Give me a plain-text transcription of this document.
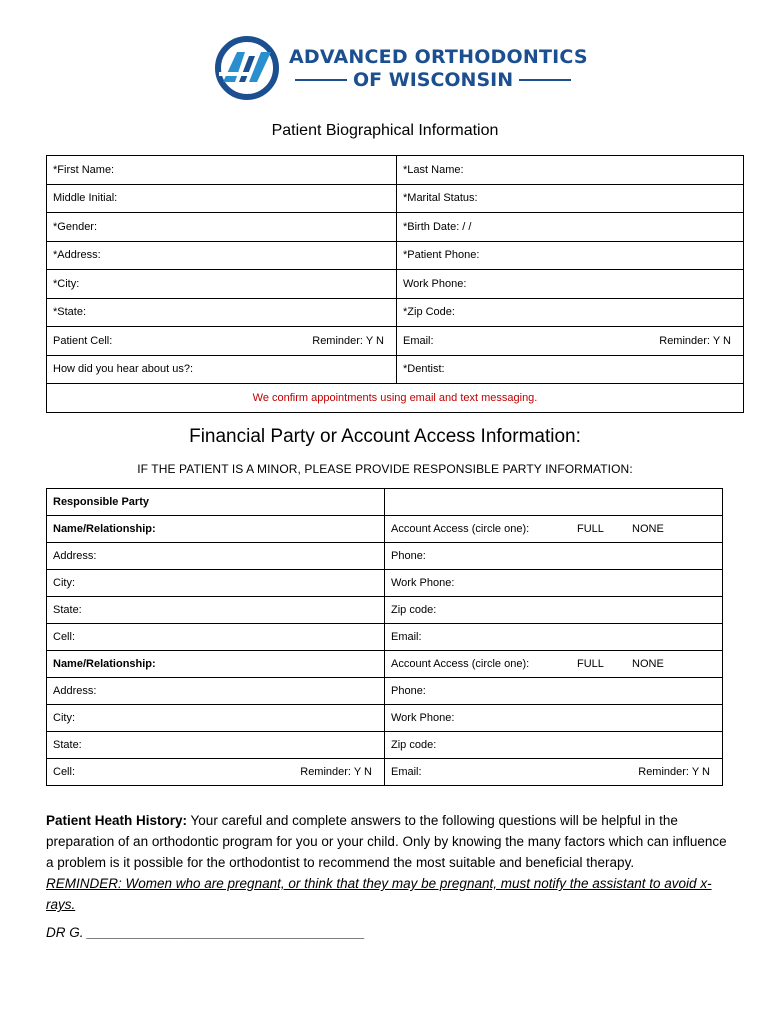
ADVANCED ORTHODONTICS
OF WISCONSIN
Patient Biographical Information
*First Name:	*Last Name:
Middle Initial:	*Marital Status:
*Gender:	*Birth Date: / /
*Address:	*Patient Phone:
*City:	Work Phone:
*State:	*Zip Code:
Patient Cell: Reminder: Y N	Email: Reminder: Y N

How did you hear about us?:	*Dentist:
We confirm appointments using email and text messaging.	
Financial Party or Account Access Information:
IF THE PATIENT IS A MINOR, PLEASE PROVIDE RESPONSIBLE PARTY INFORMATION:
Responsible Party	
Name/Relationship:	Account Access (circle one): FULL NONE

Address:	Phone:
City:	Work Phone:
State:	Zip code:
Cell:	Email:
Name/Relationship:	Account Access (circle one): FULL NONE

Address:	Phone:
City:	Work Phone:
State:	Zip code:
Cell: Reminder: Y N	Email: Reminder: Y N
Patient Heath History: Your careful and complete answers to the following questions will be helpful in the preparation of an orthodontic program for you or your child. Only by knowing the many factors which can influence a problem is it possible for the orthodontist to recommend the most suitable and beneficial therapy.
REMINDER: Women who are pregnant, or think that they may be pregnant, must notify the assistant to avoid x-rays.
DR G. _____________________________________
